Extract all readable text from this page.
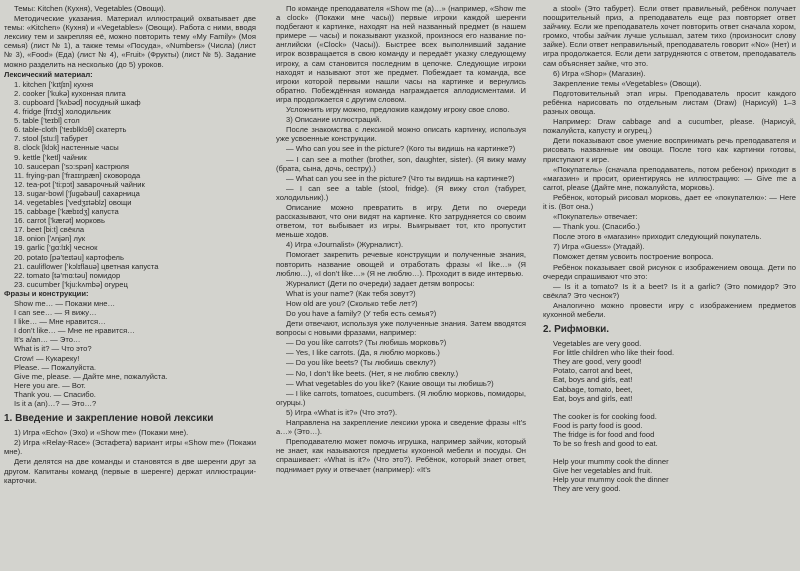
Темы: Kitchen (Кухня), Vegetables (Овощи).
Методические указания. Материал иллюстраций охватывает две темы: «Kitchen» (Кухня) и «Vegetables» (Овощи). Работа с ними, вводя лексику тем и закрепляя её, можно повторить тему «My Family» (Моя семья) (лист № 1), а также темы «Посуда», «Numbers» (Числа) (лист № 3), «Food» (Еда) (лист № 4), «Fruit» (Фрукты) (лист № 5). Задание можно разделить на несколько (до 5) уроков.
Лексический материал:
1. kitchen [’kɪtʃɪn] кухня
2. cooker [’kukə] кухонная плита
3. cupboard [’kʌbəd] посудный шкаф
4. fridge [frɪdʒ] холодильник
5. table [’teɪbl] стол
6. table-cloth [’teɪblklɔθ] скатерть
7. stool [stu:l] табурет
8. clock [klɔk] настенные часы
9. kettle [’ketl] чайник
10. saucepan [’sɔ:spən] кастрюля
11. frying-pan [’fraɪɪŋpæn] сковорода
12. tea-pot [’ti:pɔt] заварочный чайник
13. sugar-bowl [’ʃugəbəul] сахарница
14. vegetables [’vedʒɪtəblz] овощи
15. cabbage [’kæbɪdʒ] капуста
16. carrot [’kærət] морковь
17. beet [bi:t] свёкла
18. onion [’ʌnjən] лук
19. garlic [’gɑ:lɪk] чеснок
20. potato [pə’teɪtəu] картофель
21. cauliflower [’kɔlɪflauə] цветная капуста
22. tomato [tə’mɑ:təu] помидор
23. cucumber [’kju:kʌmbə] огурец
Фразы и конструкции:
Show me… — Покажи мне…
I can see… — Я вижу…
I like… — Мне нравится…
I don’t like… — Мне не нравится…
It’s a/an… — Это…
What is it? — Что это?
Crow! — Кукареку!
Please. — Пожалуйста.
Give me, please. — Дайте мне, пожалуйста.
Here you are. — Вот.
Thank you. — Спасибо.
Is it a (an)…? — Это…?
1. Введение и закрепление новой лексики
1) Игра «Echo» (Эхо) и «Show me» (Покажи мне).
2) Игра «Relay-Race» (Эстафета) вариант игры «Show me» (Покажи мне).
Дети делятся на две команды и становятся в две шеренги друг за другом. Капитаны команд (первые в шеренге) держат иллюстрации-карточки.
По команде преподавателя «Show me (a)…» (например, «Show me a clock» (Покажи мне часы)) первые игроки каждой шеренги подбегают к картинке, находят на ней названный предмет (в нашем примере — часы) и показывают указкой, произнося его название по-английски («Clock» (Часы)). Быстрее всех выполнивший задание игрок возвращается в свою команду и передаёт указку следующему игроку, а сам становится последним в цепочке. Следующие игроки находят и называют этот же предмет. Побеждает та команда, все игроки которой первыми нашли часы на картинке и вернулись обратно. Побеждённая команда награждается аплодисментами. И игра продолжается с другим словом.
Усложнить игру можно, предложив каждому игроку свое слово.
3) Описание иллюстраций.
После знакомства с лексикой можно описать картинку, используя уже усвоенные конструкции.
— Who can you see in the picture? (Кого ты видишь на картинке?)
— I can see a mother (brother, son, daughter, sister). (Я вижу маму (брата, сына, дочь, сестру).)
— What can you see in the picture? (Что ты видишь на картинке?)
— I can see a table (stool, fridge). (Я вижу стол (табурет, холодильник).)
Описание можно превратить в игру. Дети по очереди рассказывают, что они видят на картинке. Кто затрудняется со своим ответом, тот выбывает из игры. Выигрывает тот, кто пропустит меньше ходов.
4) Игра «Journalist» (Журналист).
Помогает закрепить речевые конструкции и полученные знания, повторить название овощей и отработать фразы «I like…» (Я люблю…), «I don’t like…» (Я не люблю…). Проходит в виде интервью.
Журналист (Дети по очереди) задает детям вопросы:
What is your name? (Как тебя зовут?)
How old are you? (Сколько тебе лет?)
Do you have a family? (У тебя есть семья?)
Дети отвечают, используя уже полученные знания. Затем вводятся вопросы с новыми фразами, например:
— Do you like carrots? (Ты любишь морковь?)
— Yes, I like carrots. (Да, я люблю морковь.)
— Do you like beets? (Ты любишь свеклу?)
— No, I don’t like beets. (Нет, я не люблю свеклу.)
— What vegetables do you like? (Какие овощи ты любишь?)
— I like carrots, tomatoes, cucumbers. (Я люблю морковь, помидоры, огурцы.)
5) Игра «What is it?» (Что это?).
Направлена на закрепление лексики урока и сведение фразы «It’s a…» (Это…).
Преподавателю может помочь игрушка, например зайчик, который не знает, как называются предметы кухонной мебели и посуды. Он спрашивает: «What is it?» (Что это?). Ребёнок, который знает ответ, поднимает руку и отвечает (например): «It’s
a stool» (Это табурет). Если ответ правильный, ребёнок получает поощрительный приз, а преподаватель еще раз повторяет ответ зайчику. Если же преподаватель хочет повторить ответ сначала хором, громко, чтобы зайчик лучше услышал, затем тихо (произносит слову зайке). Если ответ неправильный, преподаватель говорит «No» (Нет) и игра продолжается. Если дети затрудняются с ответом, преподаватель сам объясняет зайке, что это.
6) Игра «Shop» (Магазин).
Закрепление темы «Vegetables» (Овощи).
Подготовительный этап игры. Преподаватель просит каждого ребёнка нарисовать по отдельным листам (Draw) (Нарисуй) 1–3 разных овоща.
Например: Draw cabbage and a cucumber, please. (Нарисуй, пожалуйста, капусту и огурец.)
Дети показывают свое умение воспринимать речь преподавателя и рисовать названные им овощи. После того как картинки готовы, приступают к игре.
«Покупатель» (сначала преподаватель, потом ребенок) приходит в «магазин» и просит, ориентируясь не иллюстрацию: — Give me a carrot, please (Дайте мне, пожалуйста, морковь).
Ребёнок, который рисовал морковь, дает ее «покупателю»: — Here it is. (Вот она.)
«Покупатель» отвечает:
— Thank you. (Спасибо.)
После этого в «магазин» приходит следующий покупатель.
7) Игра «Guess» (Угадай).
Поможет детям усвоить построение вопроса.
Ребёнок показывает свой рисунок с изображением овоща. Дети по очереди спрашивают что это:
— Is it a tomato? Is it a beet? Is it a garlic? (Это помидор? Это свёкла? Это чеснок?)
Аналогично можно провести игру с изображением предметов кухонной мебели.
2. Рифмовки.
Vegetables are very good.
For little children who like their food.
They are good, very good!
Potato, carrot and beet,
Eat, boys and girls, eat!
Cabbage, tomato, beet,
Eat, boys and girls, eat!
The cooker is for cooking food.
Food is party food is good.
The fridge is for food and food
To be so fresh and good to eat.
Help your mummy cook the dinner
Give her vegetables and fruit.
Help your mummy cook the dinner
They are very good.
